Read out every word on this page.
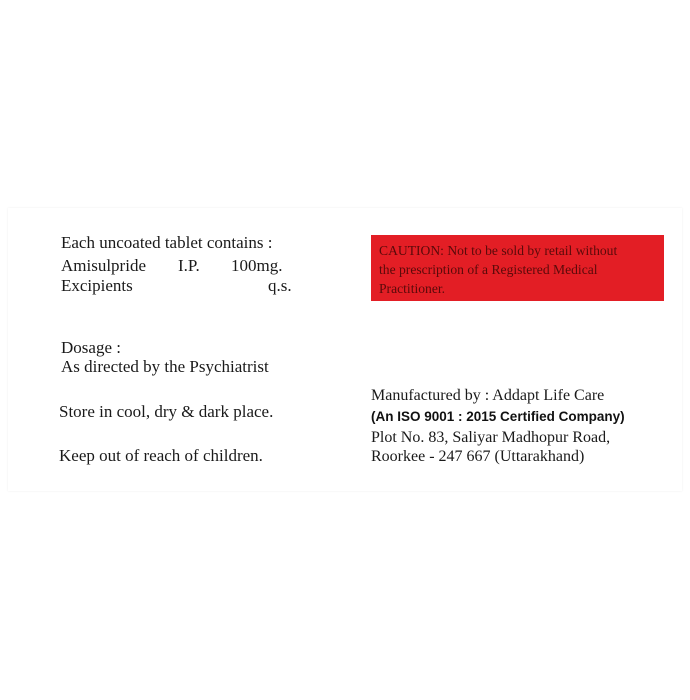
Each uncoated tablet contains :
Amisulpride I.P. 100mg.
Excipients	q.s.
Dosage :
As directed by the Psychiatrist
Store in cool, dry & dark place.
Keep out of reach of children.
CAUTION: Not to be sold by retail without
the prescription of a Registered Medical
Practitioner.
Manufactured by : Addapt Life Care
(An ISO 9001 : 2015 Certified Company)
Plot No. 83, Saliyar Madhopur Road,
Roorkee - 247 667 (Uttarakhand)
